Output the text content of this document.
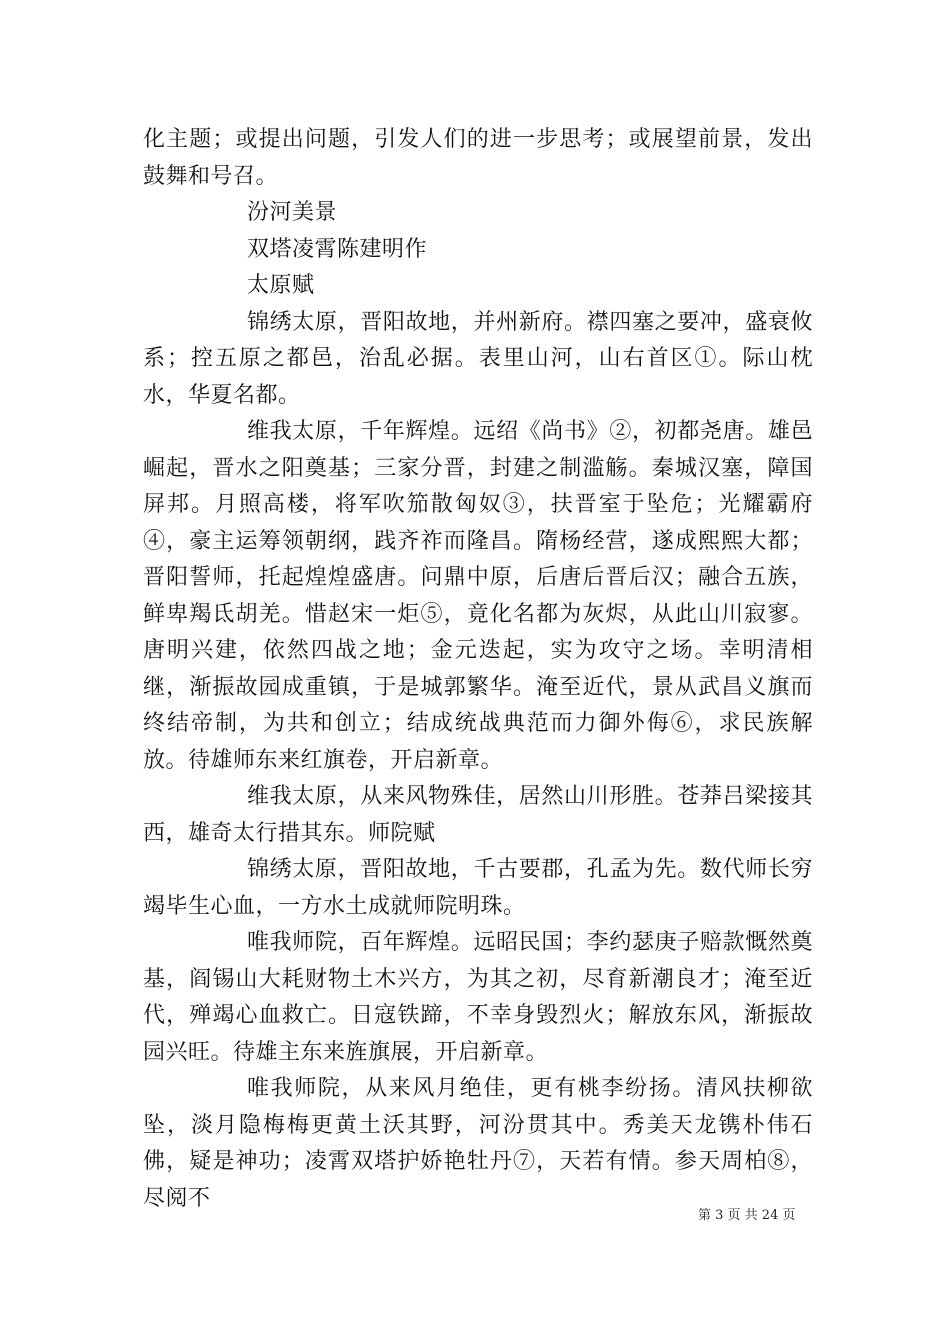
化主题；或提出问题，引发人们的进一步思考；或展望前景，发出鼓舞和号召。

汾河美景

双塔凌霄陈建明作

太原赋

锦绣太原，晋阳故地，并州新府。襟四塞之要冲，盛衰攸系；控五原之都邑，治乱必据。表里山河，山右首区①。际山枕水，华夏名都。

维我太原，千年辉煌。远绍《尚书》②，初都尧唐。雄邑崛起，晋水之阳奠基；三家分晋，封建之制滥觞。秦城汉塞，障国屏邦。月照高楼，将军吹笳散匈奴③，扶晋室于坠危；光耀霸府④，豪主运筹领朝纲，践齐祚而隆昌。隋杨经营，遂成熙熙大都；晋阳誓师，托起煌煌盛唐。问鼎中原，后唐后晋后汉；融合五族，鲜卑羯氐胡羌。惜赵宋一炬⑤，竟化名都为灰烬，从此山川寂寥。唐明兴建，依然四战之地；金元迭起，实为攻守之场。幸明清相继，渐振故园成重镇，于是城郭繁华。淹至近代，景从武昌义旗而终结帝制，为共和创立；结成统战典范而力御外侮⑥，求民族解放。待雄师东来红旗卷，开启新章。

维我太原，从来风物殊佳，居然山川形胜。苍莽吕梁接其西，雄奇太行措其东。师院赋

锦绣太原，晋阳故地，千古要郡，孔孟为先。数代师长穷竭毕生心血，一方水土成就师院明珠。

唯我师院，百年辉煌。远昭民国；李约瑟庚子赔款慨然奠基，阎锡山大耗财物土木兴方，为其之初，尽育新潮良才；淹至近代，殚竭心血救亡。日寇铁蹄，不幸身毁烈火；解放东风，渐振故园兴旺。待雄主东来旌旗展，开启新章。

唯我师院，从来风月绝佳，更有桃李纷扬。清风扶柳欲坠，淡月隐梅梅更黄土沃其野，河汾贯其中。秀美天龙镌朴伟石佛，疑是神功；凌霄双塔护娇艳牡丹⑦，天若有情。参天周柏⑧，尽阅不

第 3 页 共 24 页
